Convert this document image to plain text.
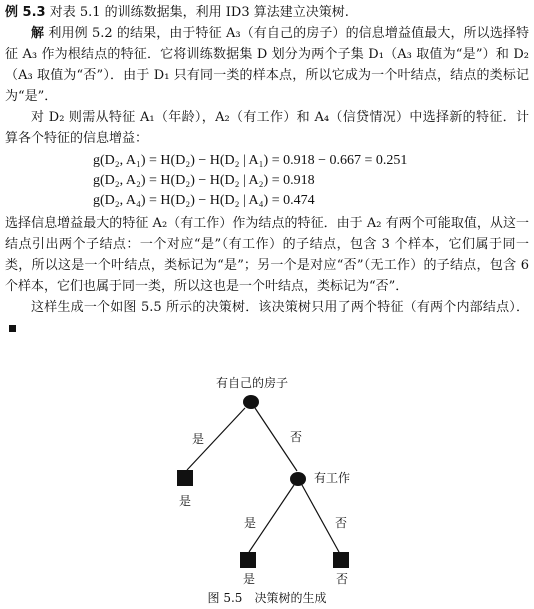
例 5.3 对表 5.1 的训练数据集，利用 ID3 算法建立决策树.

解 利用例 5.2 的结果，由于特征 A₃（有自己的房子）的信息增益值最大，所以选择特征 A₃ 作为根结点的特征．它将训练数据集 D 划分为两个子集 D₁（A₃ 取值为“是”）和 D₂（A₃ 取值为“否”）．由于 D₁ 只有同一类的样本点，所以它成为一个叶结点，结点的类标记为“是”．

对 D₂ 则需从特征 A₁（年龄），A₂（有工作）和 A₄（信贷情况）中选择新的特征．计算各个特征的信息增益：

g(D₂, A₁) = H(D₂) − H(D₂ | A₁) = 0.918 − 0.667 = 0.251
g(D₂, A₂) = H(D₂) − H(D₂ | A₂) = 0.918
g(D₂, A₄) = H(D₂) − H(D₂ | A₄) = 0.474

选择信息增益最大的特征 A₂（有工作）作为结点的特征．由于 A₂ 有两个可能取值，从这一结点引出两个子结点：一个对应“是”（有工作）的子结点，包含 3 个样本，它们属于同一类，所以这是一个叶结点，类标记为“是”；另一个是对应“否”（无工作）的子结点，包含 6 个样本，它们也属于同一类，所以这也是一个叶结点，类标记为“否”．

这样生成一个如图 5.5 所示的决策树．该决策树只用了两个特征（有两个内部结点）．

有自己的房子
是	否
是
有工作
是	否
是	否
图 5.5　决策树的生成
